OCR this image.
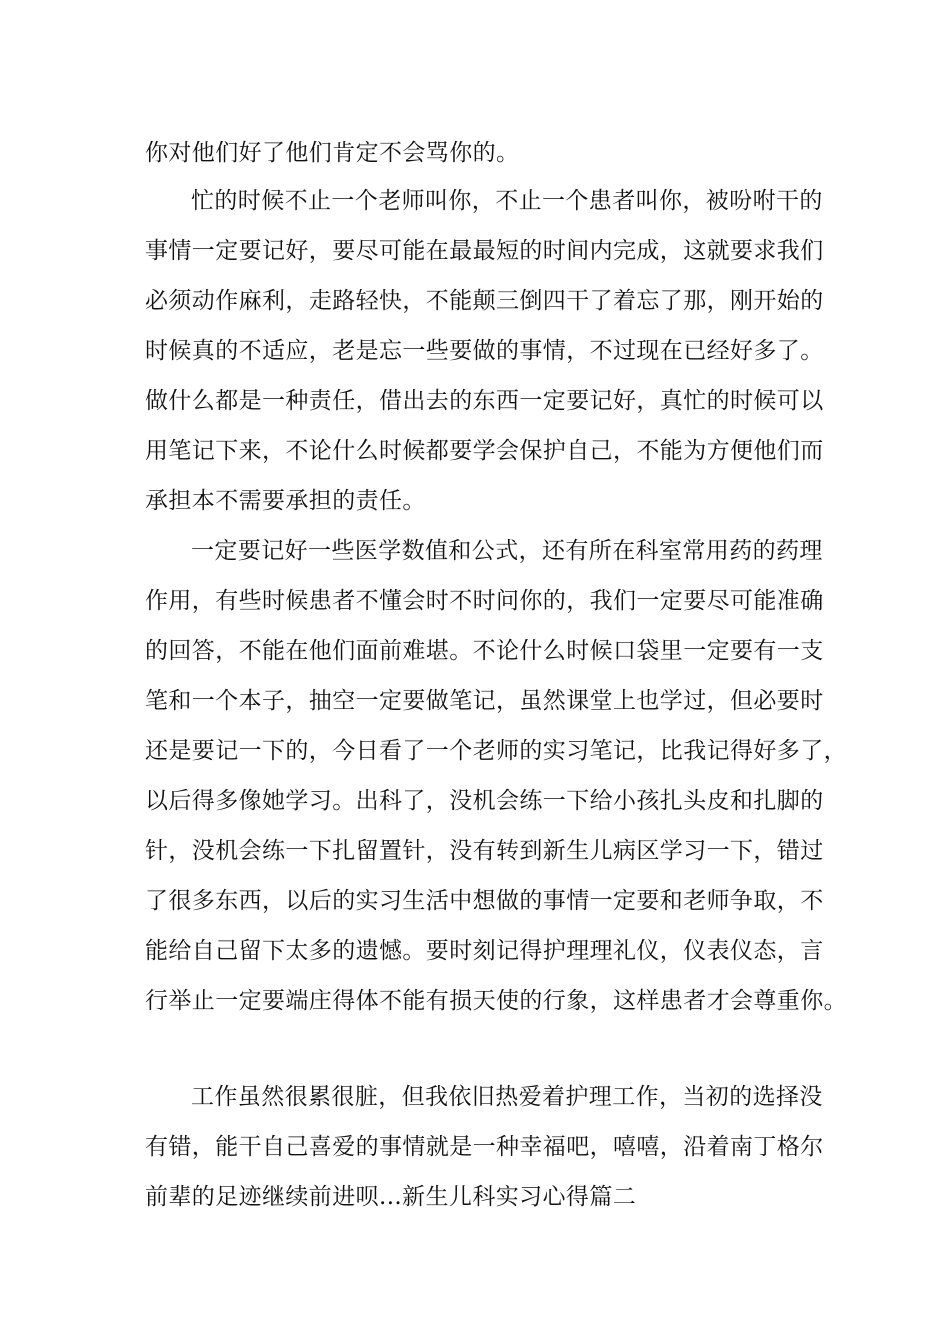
你对他们好了他们肯定不会骂你的。
忙的时候不止一个老师叫你，不止一个患者叫你，被吩咐干的
事情一定要记好，要尽可能在最最短的时间内完成，这就要求我们
必须动作麻利，走路轻快，不能颠三倒四干了着忘了那，刚开始的
时候真的不适应，老是忘一些要做的事情，不过现在已经好多了。
做什么都是一种责任，借出去的东西一定要记好，真忙的时候可以
用笔记下来，不论什么时候都要学会保护自己，不能为方便他们而
承担本不需要承担的责任。
一定要记好一些医学数值和公式，还有所在科室常用药的药理
作用，有些时候患者不懂会时不时问你的，我们一定要尽可能准确
的回答，不能在他们面前难堪。不论什么时候口袋里一定要有一支
笔和一个本子，抽空一定要做笔记，虽然课堂上也学过，但必要时
还是要记一下的，今日看了一个老师的实习笔记，比我记得好多了，
以后得多像她学习。出科了，没机会练一下给小孩扎头皮和扎脚的
针，没机会练一下扎留置针，没有转到新生儿病区学习一下，错过
了很多东西，以后的实习生活中想做的事情一定要和老师争取，不
能给自己留下太多的遗憾。要时刻记得护理理礼仪，仪表仪态，言
行举止一定要端庄得体不能有损天使的行象，这样患者才会尊重你。
工作虽然很累很脏，但我依旧热爱着护理工作，当初的选择没
有错，能干自己喜爱的事情就是一种幸福吧，嘻嘻，沿着南丁格尔
前辈的足迹继续前进呗...新生儿科实习心得篇二
